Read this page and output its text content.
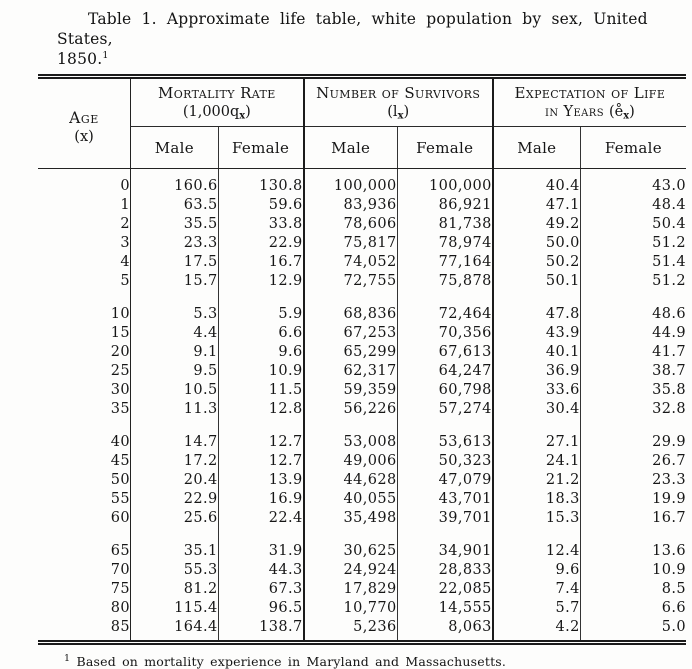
Table 1. Approximate life table, white population by sex, United States,
1850.$^1$

Age
(x)

Mortality Rate
$(1,000q_x)$

Number of Survivors
$(l_x)$

Expectation of Life
in Years $(e̊_x)$

	Male	Female	Male	Female	Male	Female

0	160.6	130.8	100,000	100,000	40.4	43.0
1	63.5	59.6	83,936	86,921	47.1	48.4
2	35.5	33.8	78,606	81,738	49.2	50.4
3	23.3	22.9	75,817	78,974	50.0	51.2
4	17.5	16.7	74,052	77,164	50.2	51.4
5	15.7	12.9	72,755	75,878	50.1	51.2

10	5.3	5.9	68,836	72,464	47.8	48.6
15	4.4	6.6	67,253	70,356	43.9	44.9
20	9.1	9.6	65,299	67,613	40.1	41.7
25	9.5	10.9	62,317	64,247	36.9	38.7
30	10.5	11.5	59,359	60,798	33.6	35.8
35	11.3	12.8	56,226	57,274	30.4	32.8

40	14.7	12.7	53,008	53,613	27.1	29.9
45	17.2	12.7	49,006	50,323	24.1	26.7
50	20.4	13.9	44,628	47,079	21.2	23.3
55	22.9	16.9	40,055	43,701	18.3	19.9
60	25.6	22.4	35,498	39,701	15.3	16.7

65	35.1	31.9	30,625	34,901	12.4	13.6
70	55.3	44.3	24,924	28,833	9.6	10.9
75	81.2	67.3	17,829	22,085	7.4	8.5
80	115.4	96.5	10,770	14,555	5.7	6.6
85	164.4	138.7	5,236	8,063	4.2	5.0

$^1$ Based on mortality experience in Maryland and Massachusetts.
